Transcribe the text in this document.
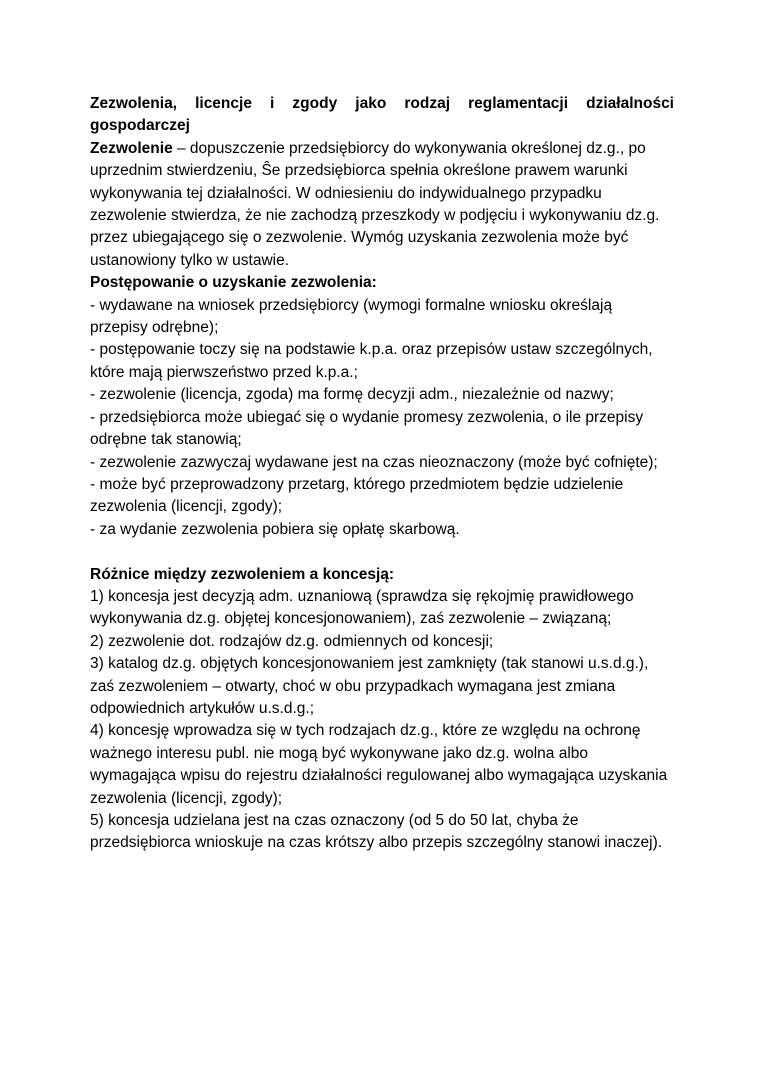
Zezwolenia, licencje i zgody jako rodzaj reglamentacji działalności gospodarczej
Zezwolenie – dopuszczenie przedsiębiorcy do wykonywania określonej dz.g., po uprzednim stwierdzeniu, Ŝe przedsiębiorca spełnia określone prawem warunki wykonywania tej działalności. W odniesieniu do indywidualnego przypadku zezwolenie stwierdza, że nie zachodzą przeszkody w podjęciu i wykonywaniu dz.g. przez ubiegającego się o zezwolenie. Wymóg uzyskania zezwolenia może być ustanowiony tylko w ustawie.
Postępowanie o uzyskanie zezwolenia:
- wydawane na wniosek przedsiębiorcy (wymogi formalne wniosku określają przepisy odrębne);
- postępowanie toczy się na podstawie k.p.a. oraz przepisów ustaw szczególnych, które mają pierwszeństwo przed k.p.a.;
- zezwolenie (licencja, zgoda) ma formę decyzji adm., niezależnie od nazwy;
- przedsiębiorca może ubiegać się o wydanie promesy zezwolenia, o ile przepisy odrębne tak stanowią;
- zezwolenie zazwyczaj wydawane jest na czas nieoznaczony (może być cofnięte);
- może być przeprowadzony przetarg, którego przedmiotem będzie udzielenie zezwolenia (licencji, zgody);
- za wydanie zezwolenia pobiera się opłatę skarbową.
Różnice między zezwoleniem a koncesją:
1) koncesja jest decyzją adm. uznaniową (sprawdza się rękojmię prawidłowego wykonywania dz.g. objętej koncesjonowaniem), zaś zezwolenie – związaną;
2) zezwolenie dot. rodzajów dz.g. odmiennych od koncesji;
3) katalog dz.g. objętych koncesjonowaniem jest zamknięty (tak stanowi u.s.d.g.), zaś zezwoleniem – otwarty, choć w obu przypadkach wymagana jest zmiana odpowiednich artykułów u.s.d.g.;
4) koncesję wprowadza się w tych rodzajach dz.g., które ze względu na ochronę ważnego interesu publ. nie mogą być wykonywane jako dz.g. wolna albo wymagająca wpisu do rejestru działalności regulowanej albo wymagająca uzyskania zezwolenia (licencji, zgody);
5) koncesja udzielana jest na czas oznaczony (od 5 do 50 lat, chyba że przedsiębiorca wnioskuje na czas krótszy albo przepis szczególny stanowi inaczej).
